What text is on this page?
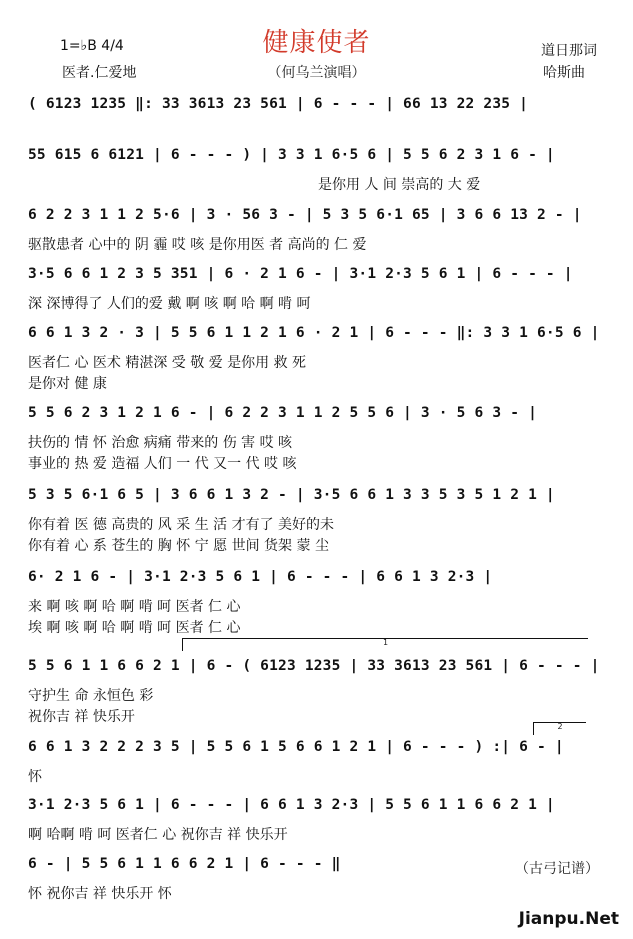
健康使者
1=♭B 4/4
医者.仁爱地	（何乌兰演唱）
道日那词
哈斯曲
( 6123 1235 ‖: 33 3613 23 561 | 6 - - - | 66 13 22 235 |
55 615 6 6121 | 6 - - - ) | 3 3 1 6·5 6 | 5 5 6 2 3 1 6 - |
是你用 人 间 崇高的 大 爱
6 2 2 3 1 1 2 5·6 | 3 · 56 3 - | 5 3 5 6·1 65 | 3 6 6 13 2 - |
驱散患者 心中的 阴 霾 哎 咳 是你用医 者 高尚的 仁 爱
3·5 6 6 1 2 3 5 351 | 6 · 2 1 6 - | 3·1 2·3 5 6 1 | 6 - - - |
深 深博得了 人们的爱 戴 啊 咳 啊 哈 啊 啃 呵
6 6 1 3 2 · 3 | 5 5 6 1 1 2 1 6 · 2 1 | 6 - - - ‖: 3 3 1 6·5 6 |
医者仁 心 医术 精湛深 受 敬 爱 是你用 救 死
是你对 健 康
5 5 6 2 3 1 2 1 6 - | 6 2 2 3 1 1 2 5 5 6 | 3 · 5 6 3 - |
扶伤的 情 怀 治愈 病痛 带来的 伤 害 哎 咳
事业的 热 爱 造福 人们 一 代 又一 代 哎 咳
5 3 5 6·1 6 5 | 3 6 6 1 3 2 - | 3·5 6 6 1 3 3 5 3 5 1 2 1 |
你有着 医 德 高贵的 风 采 生 活 才有了 美好的未
你有着 心 系 苍生的 胸 怀 宁 愿 世间 货架 蒙 尘
6· 2 1 6 - | 3·1 2·3 5 6 1 | 6 - - - | 6 6 1 3 2·3 |
来 啊 咳 啊 哈 啊 啃 呵 医者 仁 心
埃 啊 咳 啊 哈 啊 啃 呵 医者 仁 心
1
5 5 6 1 1 6 6 2 1 | 6 - ( 6123 1235 | 33 3613 23 561 | 6 - - - |
守护生 命 永恒色 彩
祝你吉 祥 快乐开
2
6 6 1 3 2 2 2 3 5 | 5 5 6 1 5 6 6 1 2 1 | 6 - - - ) :| 6 - |
怀
3·1 2·3 5 6 1 | 6 - - - | 6 6 1 3 2·3 | 5 5 6 1 1 6 6 2 1 |
啊 哈啊 啃 呵 医者仁 心 祝你吉 祥 快乐开
6 - | 5 5 6 1 1 6 6 2 1 | 6 - - - ‖
怀 祝你吉 祥 快乐开 怀
（古弓记谱）
Jianpu.Net
